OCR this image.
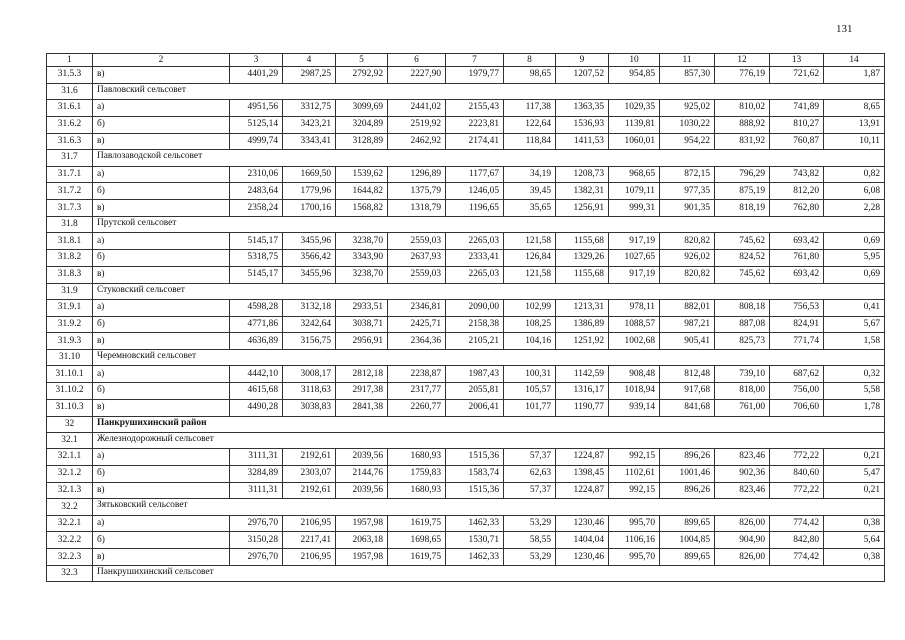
131
1	2	3	4	5	6	7	8	9	10	11	12	13	14
31.5.3	в)	4401,29	2987,25	2792,92	2227,90	1979,77	98,65	1207,52	954,85	857,30	776,19	721,62	1,87
31.6	Павловский сельсовет												
31.6.1	а)	4951,56	3312,75	3099,69	2441,02	2155,43	117,38	1363,35	1029,35	925,02	810,02	741,89	8,65
31.6.2	б)	5125,14	3423,21	3204,89	2519,92	2223,81	122,64	1536,93	1139,81	1030,22	888,92	810,27	13,91
31.6.3	в)	4999,74	3343,41	3128,89	2462,92	2174,41	118,84	1411,53	1060,01	954,22	831,92	760,87	10,11
31.7	Павлозаводской сельсовет												
31.7.1	а)	2310,06	1669,50	1539,62	1296,89	1177,67	34,19	1208,73	968,65	872,15	796,29	743,82	0,82
31.7.2	б)	2483,64	1779,96	1644,82	1375,79	1246,05	39,45	1382,31	1079,11	977,35	875,19	812,20	6,08
31.7.3	в)	2358,24	1700,16	1568,82	1318,79	1196,65	35,65	1256,91	999,31	901,35	818,19	762,80	2,28
31.8	Прутской сельсовет												
31.8.1	а)	5145,17	3455,96	3238,70	2559,03	2265,03	121,58	1155,68	917,19	820,82	745,62	693,42	0,69
31.8.2	б)	5318,75	3566,42	3343,90	2637,93	2333,41	126,84	1329,26	1027,65	926,02	824,52	761,80	5,95
31.8.3	в)	5145,17	3455,96	3238,70	2559,03	2265,03	121,58	1155,68	917,19	820,82	745,62	693,42	0,69
31.9	Стуковский сельсовет												
31.9.1	а)	4598,28	3132,18	2933,51	2346,81	2090,00	102,99	1213,31	978,11	882,01	808,18	756,53	0,41
31.9.2	б)	4771,86	3242,64	3038,71	2425,71	2158,38	108,25	1386,89	1088,57	987,21	887,08	824,91	5,67
31.9.3	в)	4636,89	3156,75	2956,91	2364,36	2105,21	104,16	1251,92	1002,68	905,41	825,73	771,74	1,58
31.10	Черемновский сельсовет												
31.10.1	а)	4442,10	3008,17	2812,18	2238,87	1987,43	100,31	1142,59	908,48	812,48	739,10	687,62	0,32
31.10.2	б)	4615,68	3118,63	2917,38	2317,77	2055,81	105,57	1316,17	1018,94	917,68	818,00	756,00	5,58
31.10.3	в)	4490,28	3038,83	2841,38	2260,77	2006,41	101,77	1190,77	939,14	841,68	761,00	706,60	1,78
32	Панкрушихинский район												
32.1	Железнодорожный сельсовет												
32.1.1	а)	3111,31	2192,61	2039,56	1680,93	1515,36	57,37	1224,87	992,15	896,26	823,46	772,22	0,21
32.1.2	б)	3284,89	2303,07	2144,76	1759,83	1583,74	62,63	1398,45	1102,61	1001,46	902,36	840,60	5,47
32.1.3	в)	3111,31	2192,61	2039,56	1680,93	1515,36	57,37	1224,87	992,15	896,26	823,46	772,22	0,21
32.2	Зятьковский сельсовет												
32.2.1	а)	2976,70	2106,95	1957,98	1619,75	1462,33	53,29	1230,46	995,70	899,65	826,00	774,42	0,38
32.2.2	б)	3150,28	2217,41	2063,18	1698,65	1530,71	58,55	1404,04	1106,16	1004,85	904,90	842,80	5,64
32.2.3	в)	2976,70	2106,95	1957,98	1619,75	1462,33	53,29	1230,46	995,70	899,65	826,00	774,42	0,38
32.3	Панкрушихинский сельсовет												
